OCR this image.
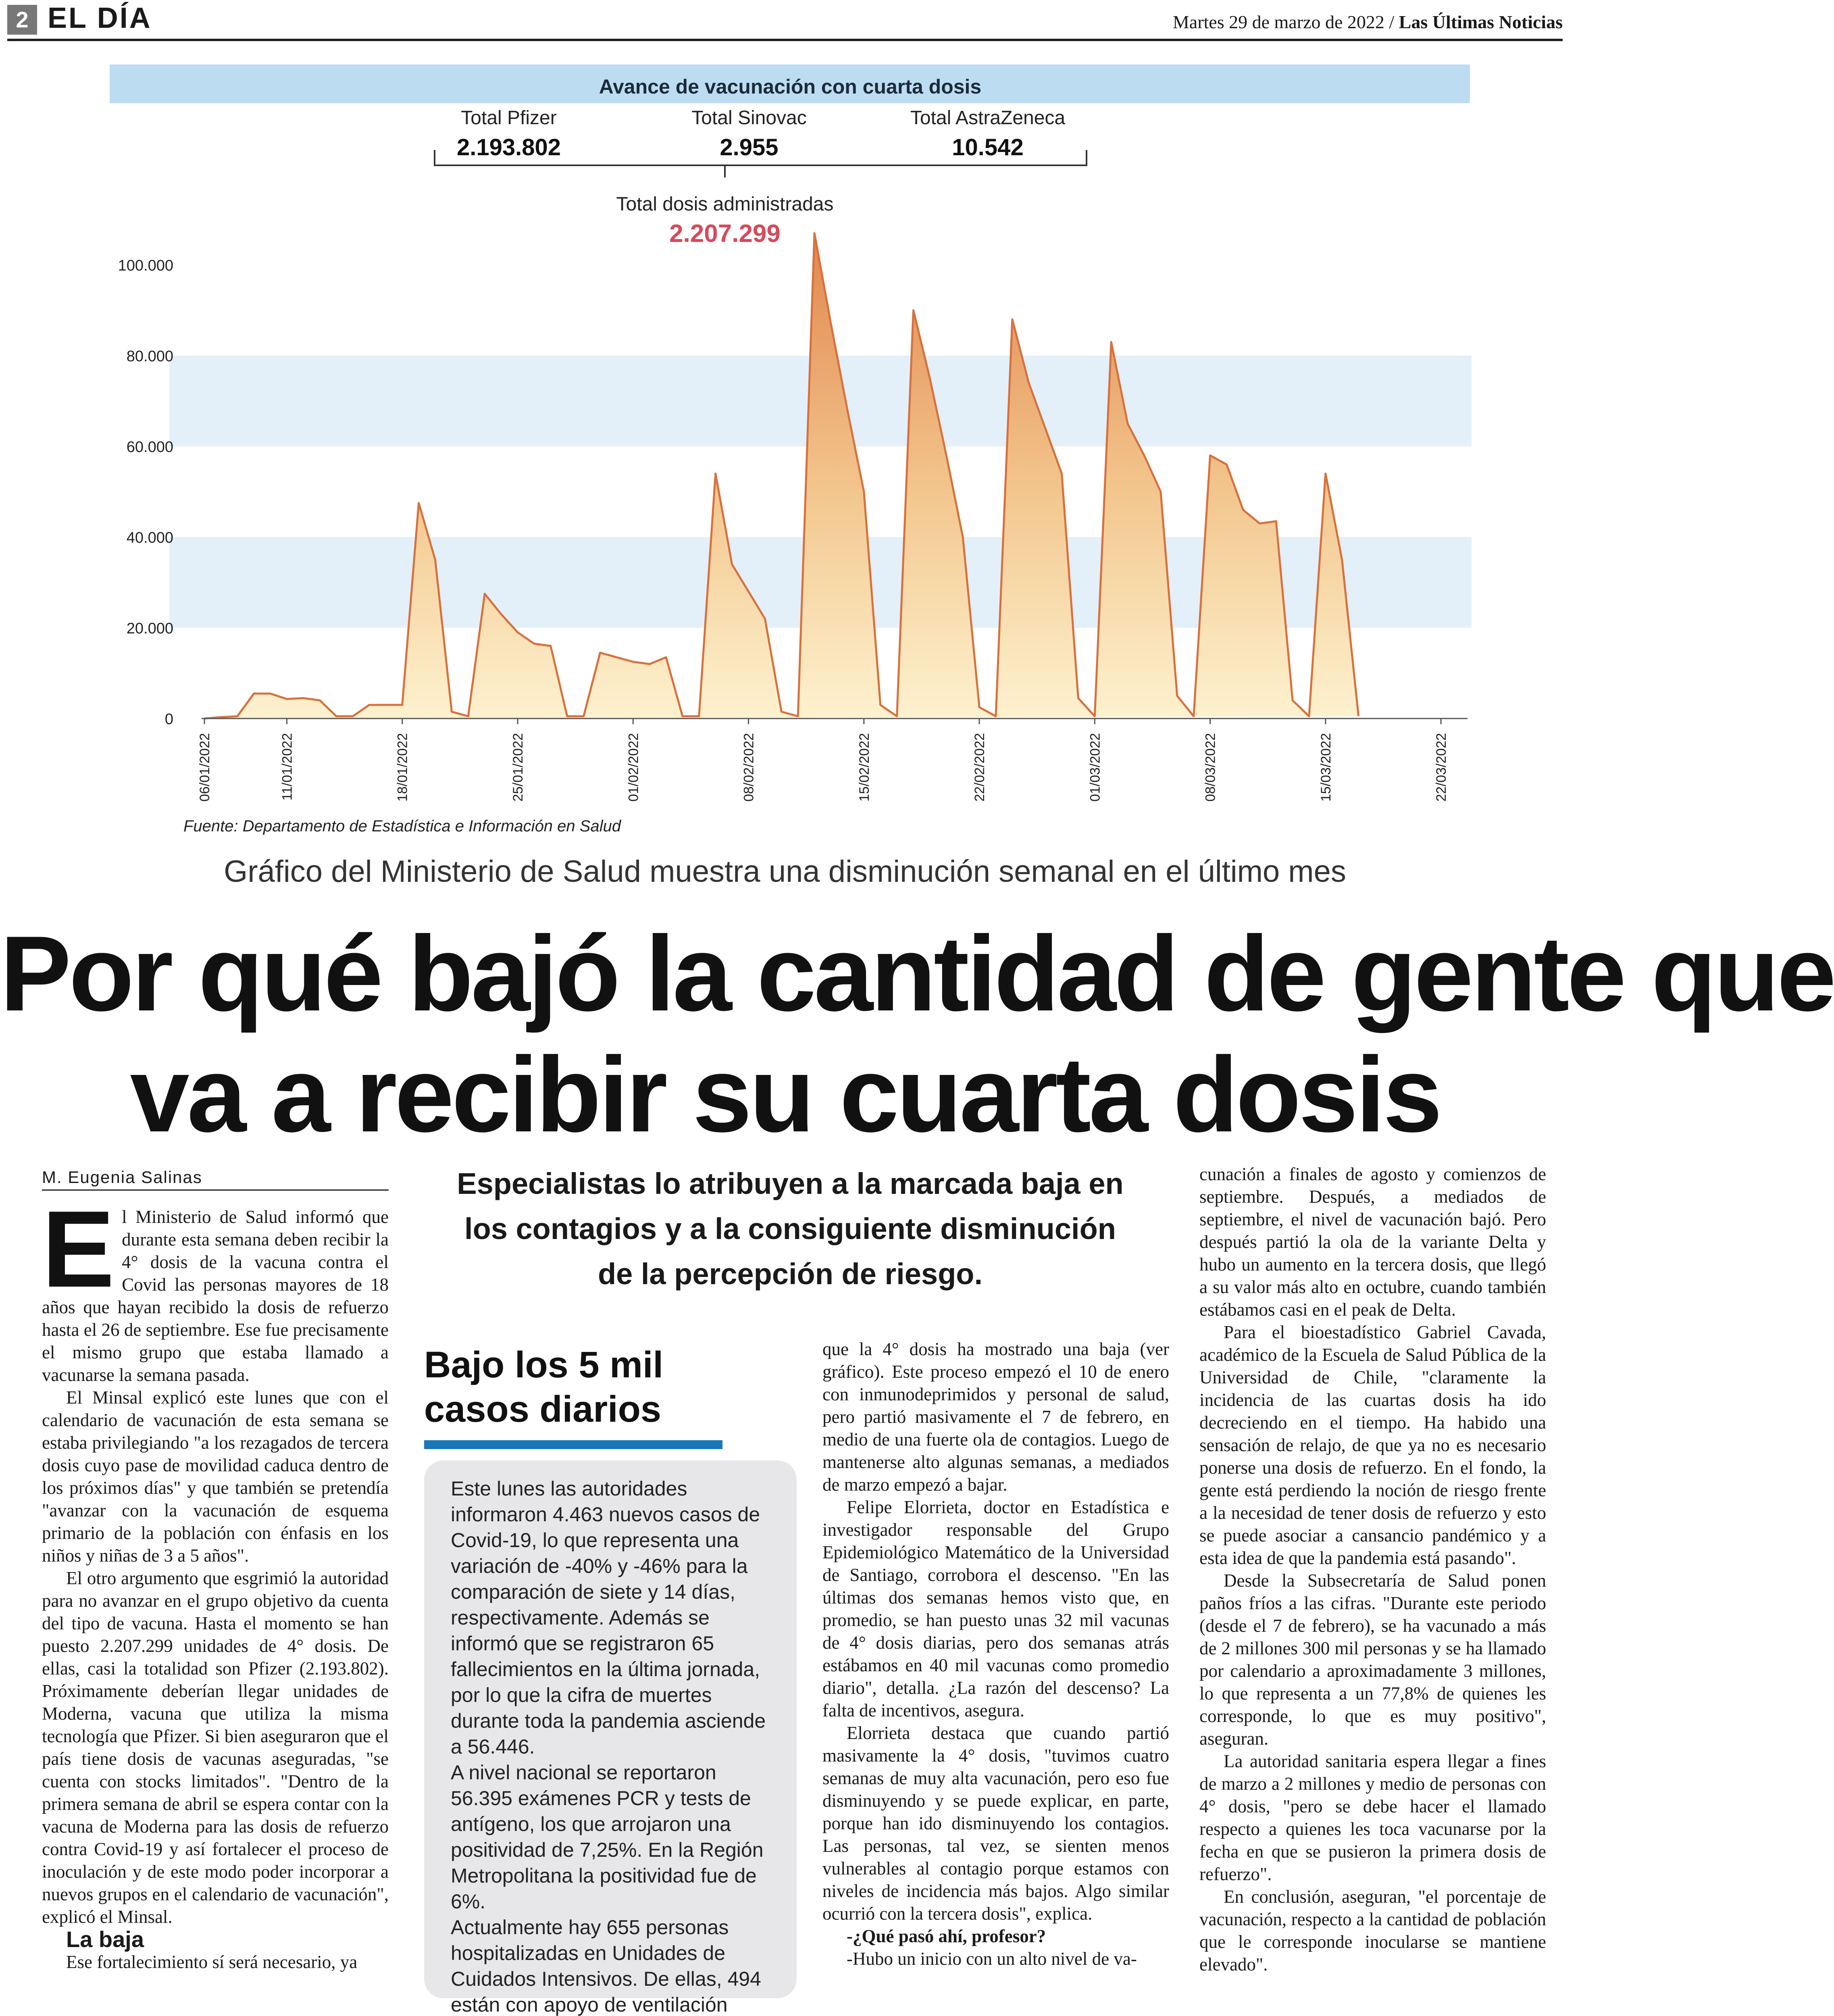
2 EL DÍA	Martes 29 de marzo de 2022 / Las Últimas Noticias
Avance de vacunación con cuarta dosis
Total Pfizer
2.193.802
Total Sinovac
2.955
Total AstraZeneca
10.542
Total dosis administradas
2.207.299
0
20.000
40.000
60.000
80.000
100.000
06/01/2022	11/01/2022	18/01/2022	25/01/2022	01/02/2022	08/02/2022	15/02/2022	22/02/2022	01/03/2022	08/03/2022	15/03/2022	22/03/2022
Fuente: Departamento de Estadística e Información en Salud
Gráfico del Ministerio de Salud muestra una disminución semanal en el último mes
Por qué bajó la cantidad de gente que
va a recibir su cuarta dosis
M. Eugenia Salinas

El Ministerio de Salud informó que durante esta semana deben recibir la 4° dosis de la vacuna contra el Covid las personas mayores de 18 años que hayan recibido la dosis de refuerzo hasta el 26 de septiembre. Ese fue precisamente el mismo grupo que estaba llamado a vacunarse la semana pasada.

El Minsal explicó este lunes que con el calendario de vacunación de esta semana se estaba privilegiando "a los rezagados de tercera dosis cuyo pase de movilidad caduca dentro de los próximos días" y que también se pretendía "avanzar con la vacunación de esquema primario de la población con énfasis en los niños y niñas de 3 a 5 años".

El otro argumento que esgrimió la autoridad para no avanzar en el grupo objetivo da cuenta del tipo de vacuna. Hasta el momento se han puesto 2.207.299 unidades de 4° dosis. De ellas, casi la totalidad son Pfizer (2.193.802). Próximamente deberían llegar unidades de Moderna, vacuna que utiliza la misma tecnología que Pfizer. Si bien aseguraron que el país tiene dosis de vacunas aseguradas, "se cuenta con stocks limitados". "Dentro de la primera semana de abril se espera contar con la vacuna de Moderna para las dosis de refuerzo contra Covid-19 y así fortalecer el proceso de inoculación y de este modo poder incorporar a nuevos grupos en el calendario de vacunación", explicó el Minsal.

La baja

Ese fortalecimiento sí será necesario, ya

Especialistas lo atribuyen a la marcada baja en
los contagios y a la consiguiente disminución
de la percepción de riesgo.
Bajo los 5 mil
casos diarios

Este lunes las autoridades informaron 4.463 nuevos casos de Covid-19, lo que representa una variación de -40% y -46% para la comparación de siete y 14 días, respectivamente. Además se informó que se registraron 65 fallecimientos en la última jornada, por lo que la cifra de muertes durante toda la pandemia asciende a 56.446.

A nivel nacional se reportaron 56.395 exámenes PCR y tests de antígeno, los que arrojaron una positividad de 7,25%. En la Región Metropolitana la positividad fue de 6%.

Actualmente hay 655 personas hospitalizadas en Unidades de Cuidados Intensivos. De ellas, 494 están con apoyo de ventilación

que la 4° dosis ha mostrado una baja (ver gráfico). Este proceso empezó el 10 de enero con inmunodeprimidos y personal de salud, pero partió masivamente el 7 de febrero, en medio de una fuerte ola de contagios. Luego de mantenerse alto algunas semanas, a mediados de marzo empezó a bajar.

Felipe Elorrieta, doctor en Estadística e investigador responsable del Grupo Epidemiológico Matemático de la Universidad de Santiago, corrobora el descenso. "En las últimas dos semanas hemos visto que, en promedio, se han puesto unas 32 mil vacunas de 4° dosis diarias, pero dos semanas atrás estábamos en 40 mil vacunas como promedio diario", detalla. ¿La razón del descenso? La falta de incentivos, asegura.

Elorrieta destaca que cuando partió masivamente la 4° dosis, "tuvimos cuatro semanas de muy alta vacunación, pero eso fue disminuyendo y se puede explicar, en parte, porque han ido disminuyendo los contagios. Las personas, tal vez, se sienten menos vulnerables al contagio porque estamos con niveles de incidencia más bajos. Algo similar ocurrió con la tercera dosis", explica.

-¿Qué pasó ahí, profesor?

-Hubo un inicio con un alto nivel de va-

cunación a finales de agosto y comienzos de septiembre. Después, a mediados de septiembre, el nivel de vacunación bajó. Pero después partió la ola de la variante Delta y hubo un aumento en la tercera dosis, que llegó a su valor más alto en octubre, cuando también estábamos casi en el peak de Delta.

Para el bioestadístico Gabriel Cavada, académico de la Escuela de Salud Pública de la Universidad de Chile, "claramente la incidencia de las cuartas dosis ha ido decreciendo en el tiempo. Ha habido una sensación de relajo, de que ya no es necesario ponerse una dosis de refuerzo. En el fondo, la gente está perdiendo la noción de riesgo frente a la necesidad de tener dosis de refuerzo y esto se puede asociar a cansancio pandémico y a esta idea de que la pandemia está pasando".

Desde la Subsecretaría de Salud ponen paños fríos a las cifras. "Durante este periodo (desde el 7 de febrero), se ha vacunado a más de 2 millones 300 mil personas y se ha llamado por calendario a aproximadamente 3 millones, lo que representa a un 77,8% de quienes les corresponde, lo que es muy positivo", aseguran.

La autoridad sanitaria espera llegar a fines de marzo a 2 millones y medio de personas con 4° dosis, "pero se debe hacer el llamado respecto a quienes les toca vacunarse por la fecha en que se pusieron la primera dosis de refuerzo".

En conclusión, aseguran, "el porcentaje de vacunación, respecto a la cantidad de población que le corresponde inocularse se mantiene elevado".
